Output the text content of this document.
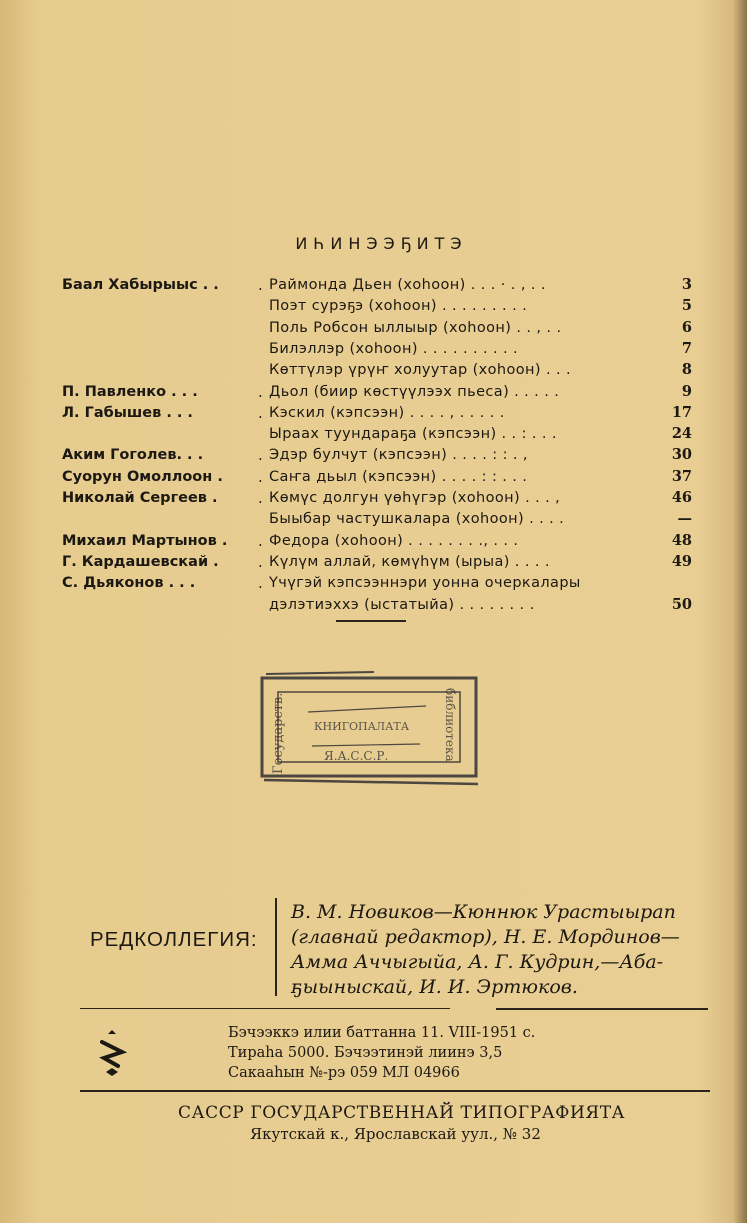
ИҺИНЭЭҔИТЭ
Баал Хабырыыс . .	. Раймонда Дьен (хоһоон) . . . · . , . .	3
Поэт сурэҕэ (хоһоон) . . . . . . . . .	5
Поль Робсон ыллыыр (хоһоон) . . , . .	6
Билэллэр (хоһоон) . . . . . . . . . .	7
Көттүлэр үрүҥ холуутар (хоһоон) . . .	8
П. Павленко . . .	. Дьол (биир көстүүлээх пьеса) . . . . .	9
Л. Габышев . . .	. Кэскил (кэпсээн) . . . . , . . . . .	17
Ыраах туундараҕа (кэпсээн) . . : . . .	24
Аким Гоголев. . .	. Эдэр булчут (кэпсээн) . . . . : : . ,	30
Суорун Омоллоон .	. Саҥа дьыл (кэпсээн) . . . . : : . . .	37
Николай Сергеев .	. Көмүс долгун үөһүгэр (хоһоон) . . . ,	46
Быыбар частушкалара (хоһоон) . . . .	—
Михаил Мартынов .	. Федора (хоһоон) . . . . . . . ., . . .	48
Г. Кардашевскай .	. Күлүм аллай, көмүһүм (ырыа) . . . .	49
С. Дьяконов . . .	. Үчүгэй кэпсээннэри уонна очеркалары
дэлэтиэххэ (ыстатыйа) . . . . . . . .	50
Государств.	библиотека
КНИГОПАЛАТА
Я.А.С.С.Р.
РЕДКОЛЛЕГИЯ:
В. М. Новиков—Кюннюк Урастыырап
(главнай редактор), Н. Е. Мординов—
Амма Аччыгыйа, А. Г. Кудрин,—Аба-
ҕыыныскай, И. И. Эртюков.
Бэчээккэ илии баттанна 11. VIII-1951 с.
Тираһа 5000. Бэчээтинэй лиинэ 3,5
Сакааһын №-рэ 059 МЛ 04966
САССР ГОСУДАРСТВЕННАЙ ТИПОГРАФИЯТА
Якутскай к., Ярославскай уул., № 32
